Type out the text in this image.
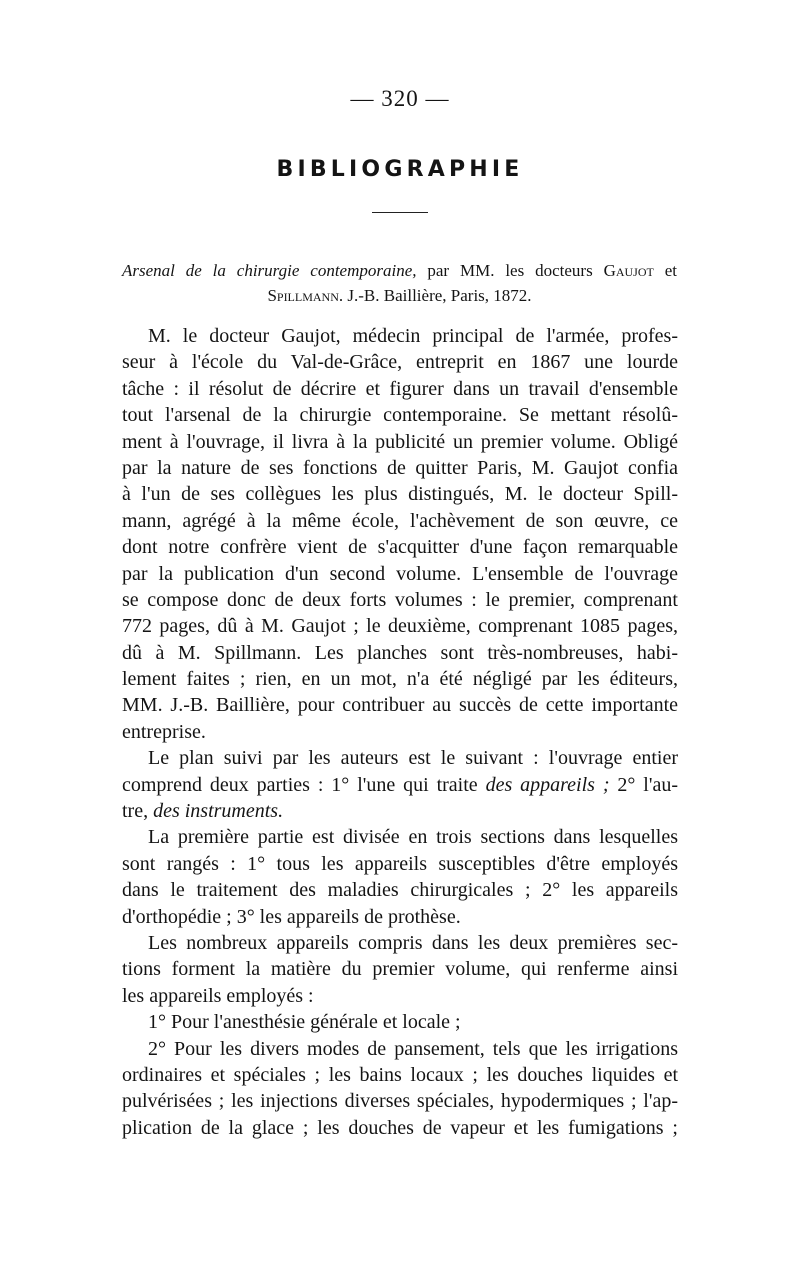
— 320 —
BIBLIOGRAPHIE
Arsenal de la chirurgie contemporaine, par MM. les docteurs Gaujot et
Spillmann. J.-B. Baillière, Paris, 1872.
M. le docteur Gaujot, médecin principal de l'armée, profes-
seur à l'école du Val-de-Grâce, entreprit en 1867 une lourde
tâche : il résolut de décrire et figurer dans un travail d'ensemble
tout l'arsenal de la chirurgie contemporaine. Se mettant résolû-
ment à l'ouvrage, il livra à la publicité un premier volume. Obligé
par la nature de ses fonctions de quitter Paris, M. Gaujot confia
à l'un de ses collègues les plus distingués, M. le docteur Spill-
mann, agrégé à la même école, l'achèvement de son œuvre, ce
dont notre confrère vient de s'acquitter d'une façon remarquable
par la publication d'un second volume. L'ensemble de l'ouvrage
se compose donc de deux forts volumes : le premier, comprenant
772 pages, dû à M. Gaujot ; le deuxième, comprenant 1085 pages,
dû à M. Spillmann. Les planches sont très-nombreuses, habi-
lement faites ; rien, en un mot, n'a été négligé par les éditeurs,
MM. J.-B. Baillière, pour contribuer au succès de cette importante
entreprise.
Le plan suivi par les auteurs est le suivant : l'ouvrage entier
comprend deux parties : 1° l'une qui traite des appareils ; 2° l'au-
tre, des instruments.
La première partie est divisée en trois sections dans lesquelles
sont rangés : 1° tous les appareils susceptibles d'être employés
dans le traitement des maladies chirurgicales ; 2° les appareils
d'orthopédie ; 3° les appareils de prothèse.
Les nombreux appareils compris dans les deux premières sec-
tions forment la matière du premier volume, qui renferme ainsi
les appareils employés :
1° Pour l'anesthésie générale et locale ;
2° Pour les divers modes de pansement, tels que les irrigations
ordinaires et spéciales ; les bains locaux ; les douches liquides et
pulvérisées ; les injections diverses spéciales, hypodermiques ; l'ap-
plication de la glace ; les douches de vapeur et les fumigations ;
